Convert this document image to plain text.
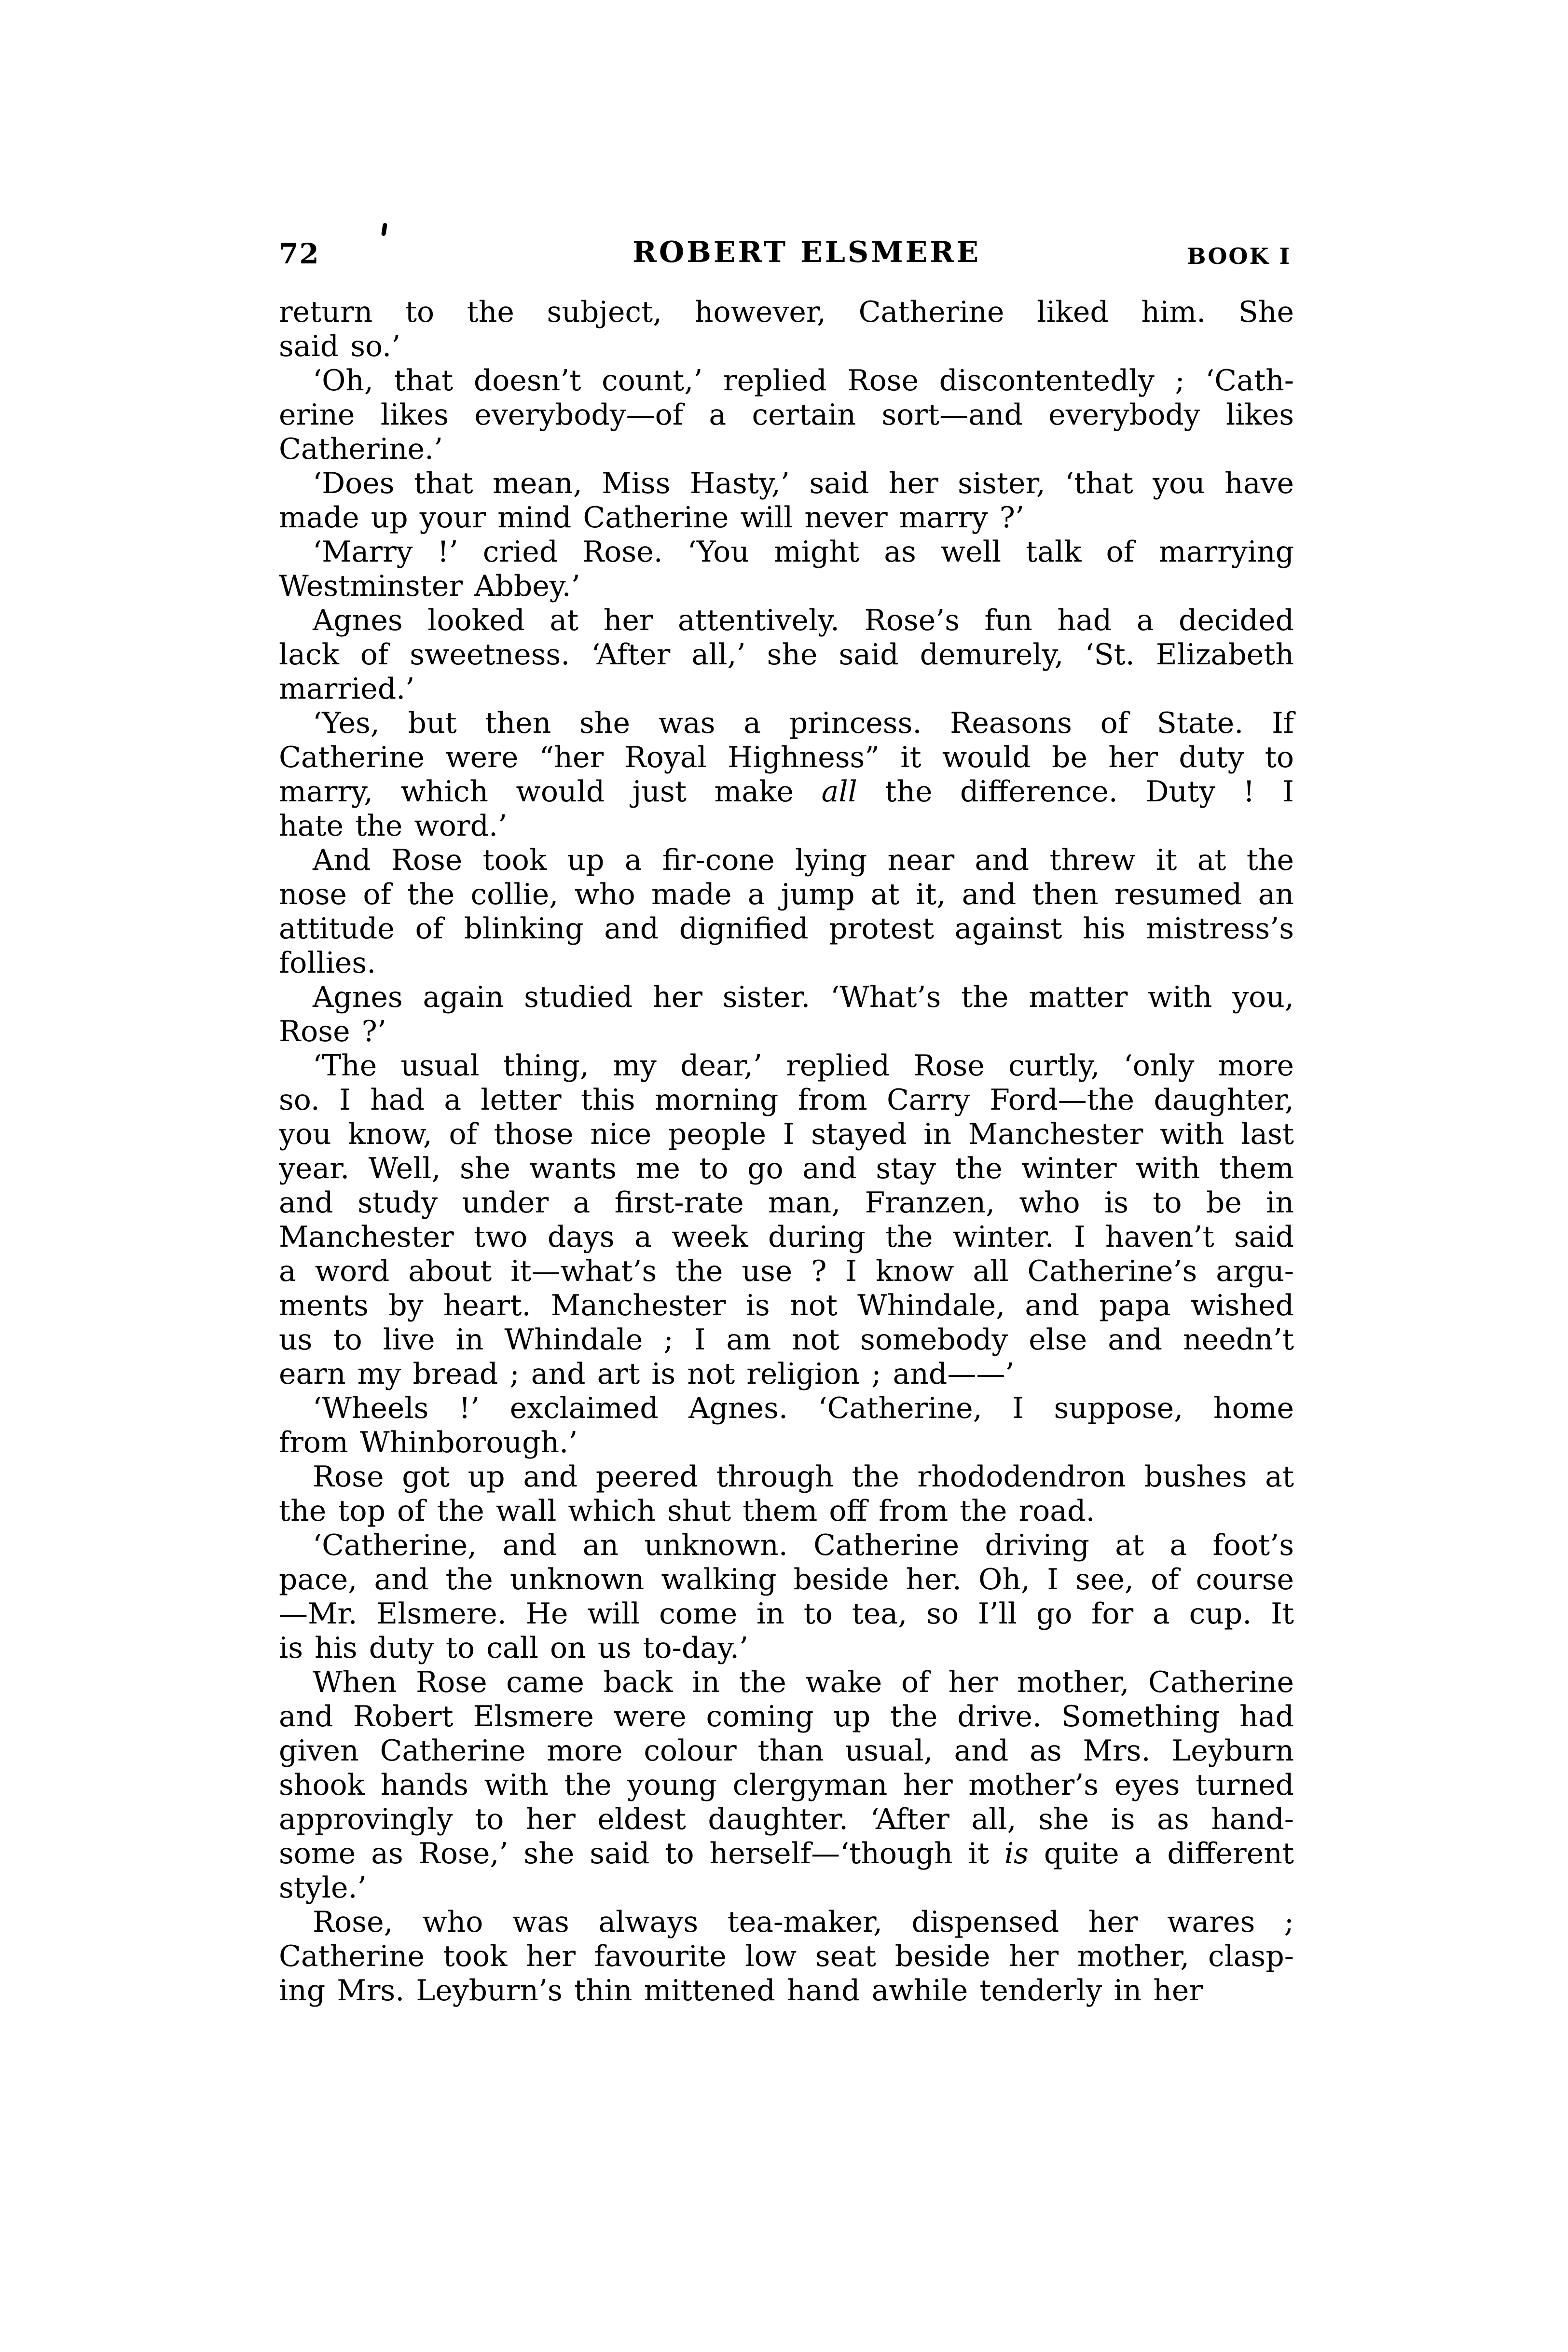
72	ROBERT ELSMERE	BOOK I
return to the subject, however, Catherine liked him. She
said so.’
‘Oh, that doesn’t count,’ replied Rose discontentedly ; ‘Cath-
erine likes everybody—of a certain sort—and everybody likes
Catherine.’
‘Does that mean, Miss Hasty,’ said her sister, ‘that you have
made up your mind Catherine will never marry ?’
‘Marry !’ cried Rose. ‘You might as well talk of marrying
Westminster Abbey.’
Agnes looked at her attentively. Rose’s fun had a decided
lack of sweetness. ‘After all,’ she said demurely, ‘St. Elizabeth
married.’
‘Yes, but then she was a princess. Reasons of State. If
Catherine were “her Royal Highness” it would be her duty to
marry, which would just make all the difference. Duty ! I
hate the word.’
And Rose took up a fir-cone lying near and threw it at the
nose of the collie, who made a jump at it, and then resumed an
attitude of blinking and dignified protest against his mistress’s
follies.
Agnes again studied her sister. ‘What’s the matter with you,
Rose ?’
‘The usual thing, my dear,’ replied Rose curtly, ‘only more
so. I had a letter this morning from Carry Ford—the daughter,
you know, of those nice people I stayed in Manchester with last
year. Well, she wants me to go and stay the winter with them
and study under a first-rate man, Franzen, who is to be in
Manchester two days a week during the winter. I haven’t said
a word about it—what’s the use ? I know all Catherine’s argu-
ments by heart. Manchester is not Whindale, and papa wished
us to live in Whindale ; I am not somebody else and needn’t
earn my bread ; and art is not religion ; and——’
‘Wheels !’ exclaimed Agnes. ‘Catherine, I suppose, home
from Whinborough.’
Rose got up and peered through the rhododendron bushes at
the top of the wall which shut them off from the road.
‘Catherine, and an unknown. Catherine driving at a foot’s
pace, and the unknown walking beside her. Oh, I see, of course
—Mr. Elsmere. He will come in to tea, so I’ll go for a cup. It
is his duty to call on us to-day.’
When Rose came back in the wake of her mother, Catherine
and Robert Elsmere were coming up the drive. Something had
given Catherine more colour than usual, and as Mrs. Leyburn
shook hands with the young clergyman her mother’s eyes turned
approvingly to her eldest daughter. ‘After all, she is as hand-
some as Rose,’ she said to herself—‘though it is quite a different
style.’
Rose, who was always tea-maker, dispensed her wares ;
Catherine took her favourite low seat beside her mother, clasp-
ing Mrs. Leyburn’s thin mittened hand awhile tenderly in her
